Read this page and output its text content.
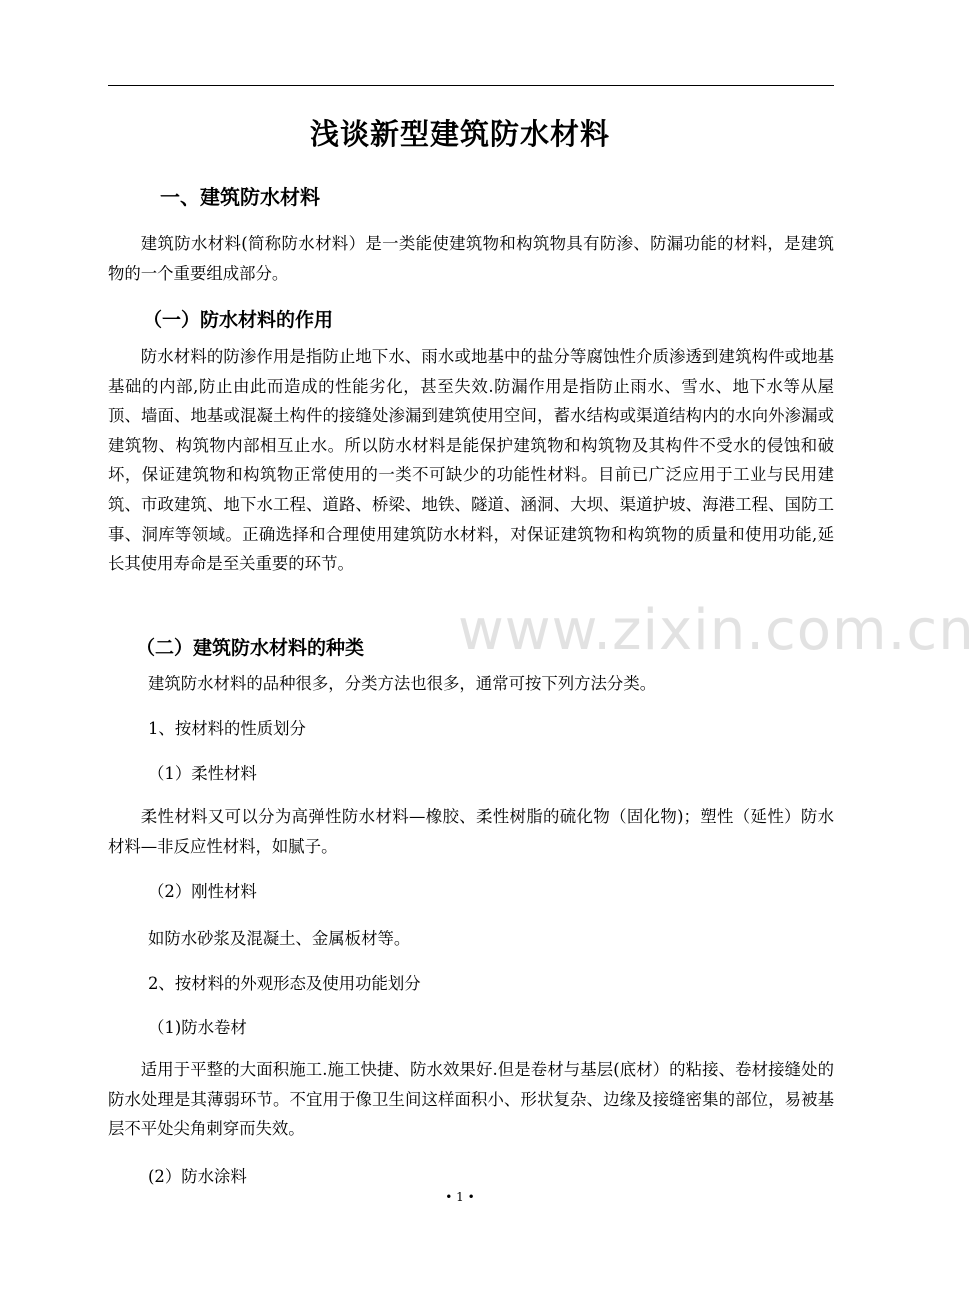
浅谈新型建筑防水材料
一、建筑防水材料
建筑防水材料(简称防水材料）是一类能使建筑物和构筑物具有防渗、防漏功能的材料，是建筑物的一个重要组成部分。
（一）防水材料的作用
防水材料的防渗作用是指防止地下水、雨水或地基中的盐分等腐蚀性介质渗透到建筑构件或地基基础的内部,防止由此而造成的性能劣化，甚至失效.防漏作用是指防止雨水、雪水、地下水等从屋顶、墙面、地基或混凝土构件的接缝处渗漏到建筑使用空间，蓄水结构或渠道结构内的水向外渗漏或建筑物、构筑物内部相互止水。所以防水材料是能保护建筑物和构筑物及其构件不受水的侵蚀和破坏，保证建筑物和构筑物正常使用的一类不可缺少的功能性材料。目前已广泛应用于工业与民用建筑、市政建筑、地下水工程、道路、桥梁、地铁、隧道、涵洞、大坝、渠道护坡、海港工程、国防工事、洞库等领域。正确选择和合理使用建筑防水材料，对保证建筑物和构筑物的质量和使用功能,延长其使用寿命是至关重要的环节。
（二）建筑防水材料的种类
建筑防水材料的品种很多，分类方法也很多，通常可按下列方法分类。
1、按材料的性质划分
（1）柔性材料
柔性材料又可以分为高弹性防水材料—橡胶、柔性树脂的硫化物（固化物)；塑性（延性）防水材料—非反应性材料，如腻子。
（2）刚性材料
如防水砂浆及混凝土、金属板材等。
2、按材料的外观形态及使用功能划分
（1)防水卷材
适用于平整的大面积施工.施工快捷、防水效果好.但是卷材与基层(底材）的粘接、卷材接缝处的防水处理是其薄弱环节。不宜用于像卫生间这样面积小、形状复杂、边缘及接缝密集的部位，易被基层不平处尖角刺穿而失效。
(2）防水涂料
www.zixin.com.cn
• 1 •
